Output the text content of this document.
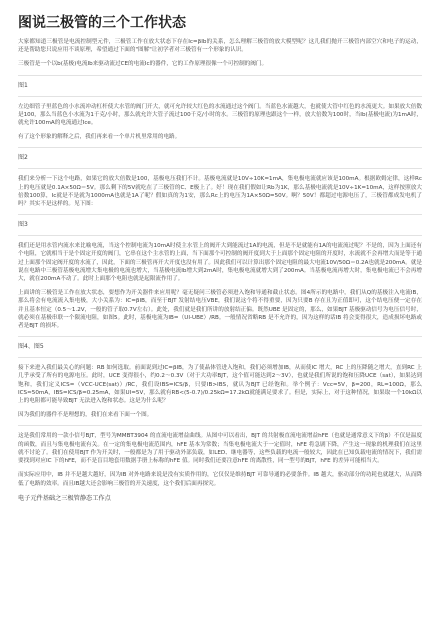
图说三极管的三个工作状态

大家都知道三极管是电流控制型元件，三极管工作在放大状态下存在Ic=βIb的关系，怎么理解三极管的放大模型呢？这儿我们抛开三极管内部空穴和电子的运动，还是帮助您只说应用不谈原理，希望通过下面的"图解"让初学者对三极管有一个形象的认识。

三极管是一个以b(基极)电流Ib来驱动流过CE的电流Ic的器件，它的工作原理很像一个可控制的阀门。

图1

左边细管子里蓝色的小水流冲动杠杆使大水管的阀门开大，就可允许较大红色的水流通过这个阀门。当蓝色水流越大，也就使大管中红色的水流更大。如果放大倍数是100，那么当蓝色小水流为1千克/小时，那么就允许大管子流过100千克/小时的水。三极管的原理也跟这个一样，放大倍数为100时，当Ib(基极电流)为1mA时，就允许100mA的电流通过Ice。

有了这个形象的解释之后，我们再来看一个单片机里常用的电路。

图2

我们来分析一下这个电路，如果它的放大倍数是100，基极电压我们不计。基极电流就是10V÷10K=1mA，集电极电流就应该是100mA。根据欧姆定律，这样Rc上的电压就是0.1A×50Ω＝5V。那么剩下的5V就吃在了三极管的C、E极上了。好！现在我们假如让Rb为1K，那么基极电流就是10V÷1K=10mA，这样按照放大倍数100算，Ic就是不是就为1000mA也就是1A了呢？假如真的为1安，那么Rc上的电压为1A×50Ω=50V。啊？50V！都超过电源电压了，三极管都成发电机了吗？其实不是这样的。见下图：

图3

我们还是用水管内流水来比喻电流，当这个控制电流为10mA时使主水管上的阀开大到能流过1A的电流，但是不是就能有1A的电流流过呢？不是的，因为上面还有个电阻，它就相当于是个固定开度的阀门，它串在这个主水管的上面，当下面那个可控制的阀开度到大于上面那个固定电阻的开度时，水流就不会再增大而是等于通过上面那个固定阀开度的水流了，因此，下面的三极管再开大开度也没有用了。因此我们可以计算出那个固定电阻的最大电流10V/50Ω＝0.2A也就是200mA。就是说在电路中三极管基极电流增大集电极的电流也增大，当基极电流Ib增大到2mA时，集电极电流就增大到了200mA。当基极电流再增大时，集电极电流已不会再增大，就在200mA不动了。此时上面那个电阻也就是起限流作用了。

上面讲的三极管是工作在放大状态，要想作为开关器件来应用呢？毫无疑问三极管必须进入饱和导通和截止状态。图4所示的电路中，我们从Q的基极注入电流IB，那么将会有电流流入集电极，大小关系为：IC=βIB，而至于BJT 发射结电压VBE，我们说这个将不得重要，因为只要B 存在且为正值即可，这个结电压便一定存在并且基本恒定（0.5～1.2V，一般的管子取0.7V左右）。此处，我们就是我们所讲的放射结正偏。既然UBE 是固定的，那么，如果BJT 基极驱动信号为电压信号时，就必须在基极串联一个限流电阻，如图5。此时，基极电流为IB=（UI-UBE）/RB。一般情况省略RB 是不允许的，因为这样的话IB 将会变得很大，造成损坏电路或者是BJT 的损坏。

图4、图5

接下来进入我们最关心的问题：RB 如何选取。前面说到过IC=βIB，为了使晶体管进入饱和，我们必须增加IB，从而使IC 增大，RC 上的压降随之增大，直到RC 上几乎承受了所有的电源电压。此时，UCE 变得很小，约0.2～0.3V（对于大功率BJT，这个值可能达到2～3V），也就是我们所说的饱和压降UCE（sat），如果达到饱和，我们定义ICS=（VCC-UCE(sat)）/RC，我们设IBS=ICS/β，只要IB>IBS，就认为BJT 已经饱和。举个例子：Vcc=5V，β=200，RL=100Ω，那么ICS≈50mA，IBS=ICS/β=0.25mA，如果UI=5V，那么就有RB<(5-0.7)/0.25kΩ=17.2kΩ就能满足要求了。但是，实际上，对于这种情况，如果取一个10kΩ以上的电阻都可能导致BJT 无法进入饱和状态。这是为什么呢？

因为我们的器件不是理想的，我们在来看下面一个图。

这是我们常用的一款小信号BJT，型号为MMBT3904 的直流电流增益曲线。从图中可以看出，BJT 的共射极直流电流增益hFE（也就是通常意义下的β）不仅是温度的函数，而且与集电极电流有关。在一定的集电极电流范围内，hFE 基本为常数；当集电极电流大于一定值时，hFE 将急剧下降，产生这一现象的机理我们在这里就不讨论了。我们在使用BJT 作为开关时，一般都是为了用于驱动外部负载，如LED、继电器等，这些负载的电流一般较大，因此在已知负载电流的情况下，我们需要找到对应IC 下的hFE，而不是盲目地套用数据手册上标称的hFE 值。同时我们还要注意hFE 的离散性，同一型号的BJT，hFE 的差异可能相当大。

而实际应用中，IB 并不是越大越好，因为IB 对外电路来说是没有实质作用的，它仅仅是维持BJT 可靠导通的必要条件。IB 越大，驱动部分的功耗也就越大，从而降低了电路的效率。而且IB越大还会影响三极管的开关速度，这个我们后面再探究。

电子元件基础之三极管静态工作点
